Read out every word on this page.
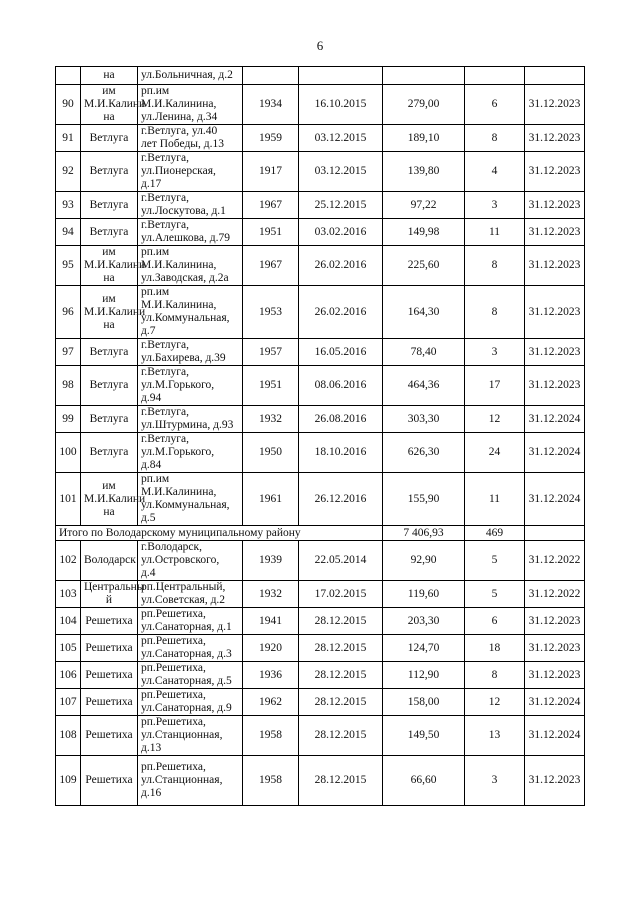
6

	на	ул.Больничная, д.2					

90	им
М.И.Калини
на	рп.им
М.И.Калинина,
ул.Ленина, д.34	1934	16.10.2015	279,00	6	31.12.2023
91	Ветлуга	г.Ветлуга, ул.40
лет Победы, д.13	1959	03.12.2015	189,10	8	31.12.2023
92	Ветлуга	г.Ветлуга,
ул.Пионерская,
д.17	1917	03.12.2015	139,80	4	31.12.2023
93	Ветлуга	г.Ветлуга,
ул.Лоскутова, д.1	1967	25.12.2015	97,22	3	31.12.2023
94	Ветлуга	г.Ветлуга,
ул.Алешкова, д.79	1951	03.02.2016	149,98	11	31.12.2023
95	им
М.И.Калини
на	рп.им
М.И.Калинина,
ул.Заводская, д.2а	1967	26.02.2016	225,60	8	31.12.2023
96	им
М.И.Калини
на	рп.им
М.И.Калинина,
ул.Коммунальная,
д.7	1953	26.02.2016	164,30	8	31.12.2023
97	Ветлуга	г.Ветлуга,
ул.Бахирева, д.39	1957	16.05.2016	78,40	3	31.12.2023
98	Ветлуга	г.Ветлуга,
ул.М.Горького,
д.94	1951	08.06.2016	464,36	17	31.12.2023
99	Ветлуга	г.Ветлуга,
ул.Штурмина, д.93	1932	26.08.2016	303,30	12	31.12.2024
100	Ветлуга	г.Ветлуга,
ул.М.Горького,
д.84	1950	18.10.2016	626,30	24	31.12.2024
101	им
М.И.Калини
на	рп.им
М.И.Калинина,
ул.Коммунальная,
д.5	1961	26.12.2016	155,90	11	31.12.2024
Итого по Володарскому муниципальному району					7 406,93	469	
102	Володарск	г.Володарск,
ул.Островского,
д.4	1939	22.05.2014	92,90	5	31.12.2022
103	Центральны
й	рп.Центральный,
ул.Советская, д.2	1932	17.02.2015	119,60	5	31.12.2022
104	Решетиха	рп.Решетиха,
ул.Санаторная, д.1	1941	28.12.2015	203,30	6	31.12.2023
105	Решетиха	рп.Решетиха,
ул.Санаторная, д.3	1920	28.12.2015	124,70	18	31.12.2023
106	Решетиха	рп.Решетиха,
ул.Санаторная, д.5	1936	28.12.2015	112,90	8	31.12.2023
107	Решетиха	рп.Решетиха,
ул.Санаторная, д.9	1962	28.12.2015	158,00	12	31.12.2024
108	Решетиха	рп.Решетиха,
ул.Станционная,
д.13	1958	28.12.2015	149,50	13	31.12.2024
109	Решетиха	рп.Решетиха,
ул.Станционная,
д.16	1958	28.12.2015	66,60	3	31.12.2023
